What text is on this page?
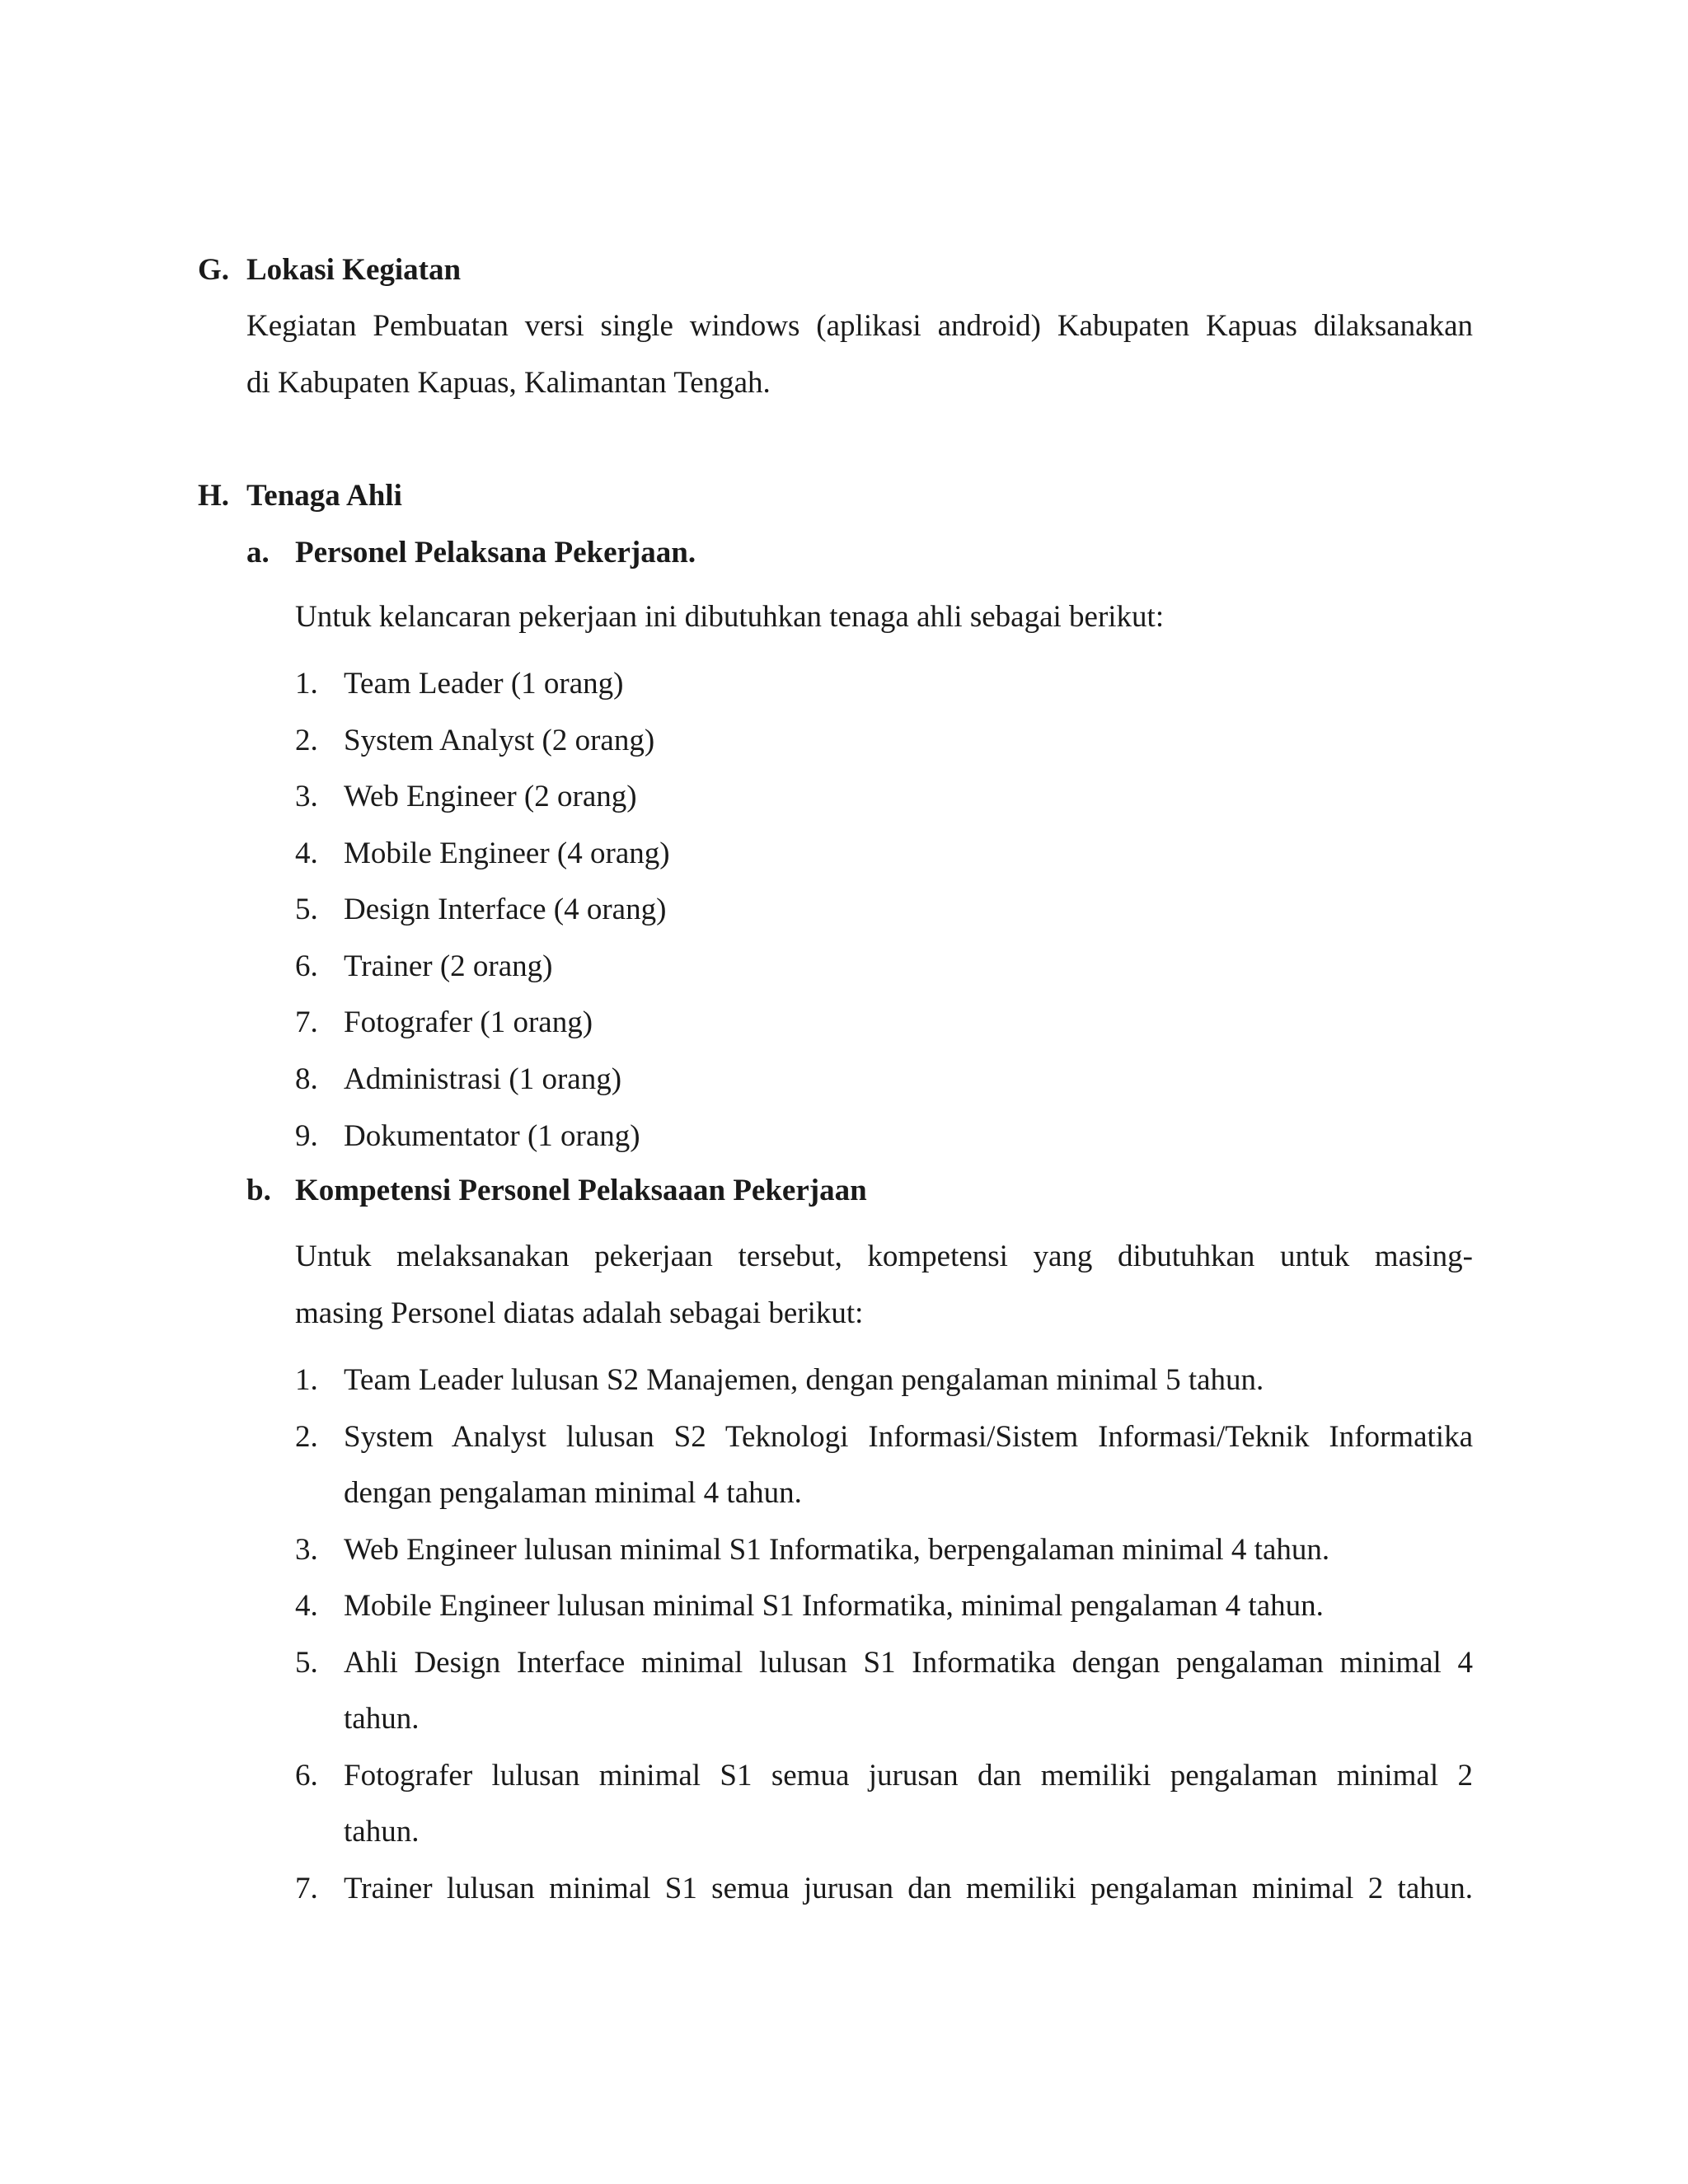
G. Lokasi Kegiatan
Kegiatan Pembuatan versi single windows (aplikasi android) Kabupaten Kapuas dilaksanakan
di Kabupaten Kapuas, Kalimantan Tengah.
H. Tenaga Ahli
a. Personel Pelaksana Pekerjaan.
Untuk kelancaran pekerjaan ini dibutuhkan tenaga ahli sebagai berikut:
1. Team Leader (1 orang)
2. System Analyst (2 orang)
3. Web Engineer (2 orang)
4. Mobile Engineer (4 orang)
5. Design Interface (4 orang)
6. Trainer (2 orang)
7. Fotografer (1 orang)
8. Administrasi (1 orang)
9. Dokumentator (1 orang)
b. Kompetensi Personel Pelaksaaan Pekerjaan
Untuk melaksanakan pekerjaan tersebut, kompetensi yang dibutuhkan untuk masing-
masing Personel diatas adalah sebagai berikut:
1. Team Leader lulusan S2 Manajemen, dengan pengalaman minimal 5 tahun.
2. System Analyst lulusan S2 Teknologi Informasi/Sistem Informasi/Teknik Informatika
dengan pengalaman minimal 4 tahun.
3. Web Engineer lulusan minimal S1 Informatika, berpengalaman minimal 4 tahun.
4. Mobile Engineer lulusan minimal S1 Informatika, minimal pengalaman 4 tahun.
5. Ahli Design Interface minimal lulusan S1 Informatika dengan pengalaman minimal 4
tahun.
6. Fotografer lulusan minimal S1 semua jurusan dan memiliki pengalaman minimal 2
tahun.
7. Trainer lulusan minimal S1 semua jurusan dan memiliki pengalaman minimal 2 tahun.
